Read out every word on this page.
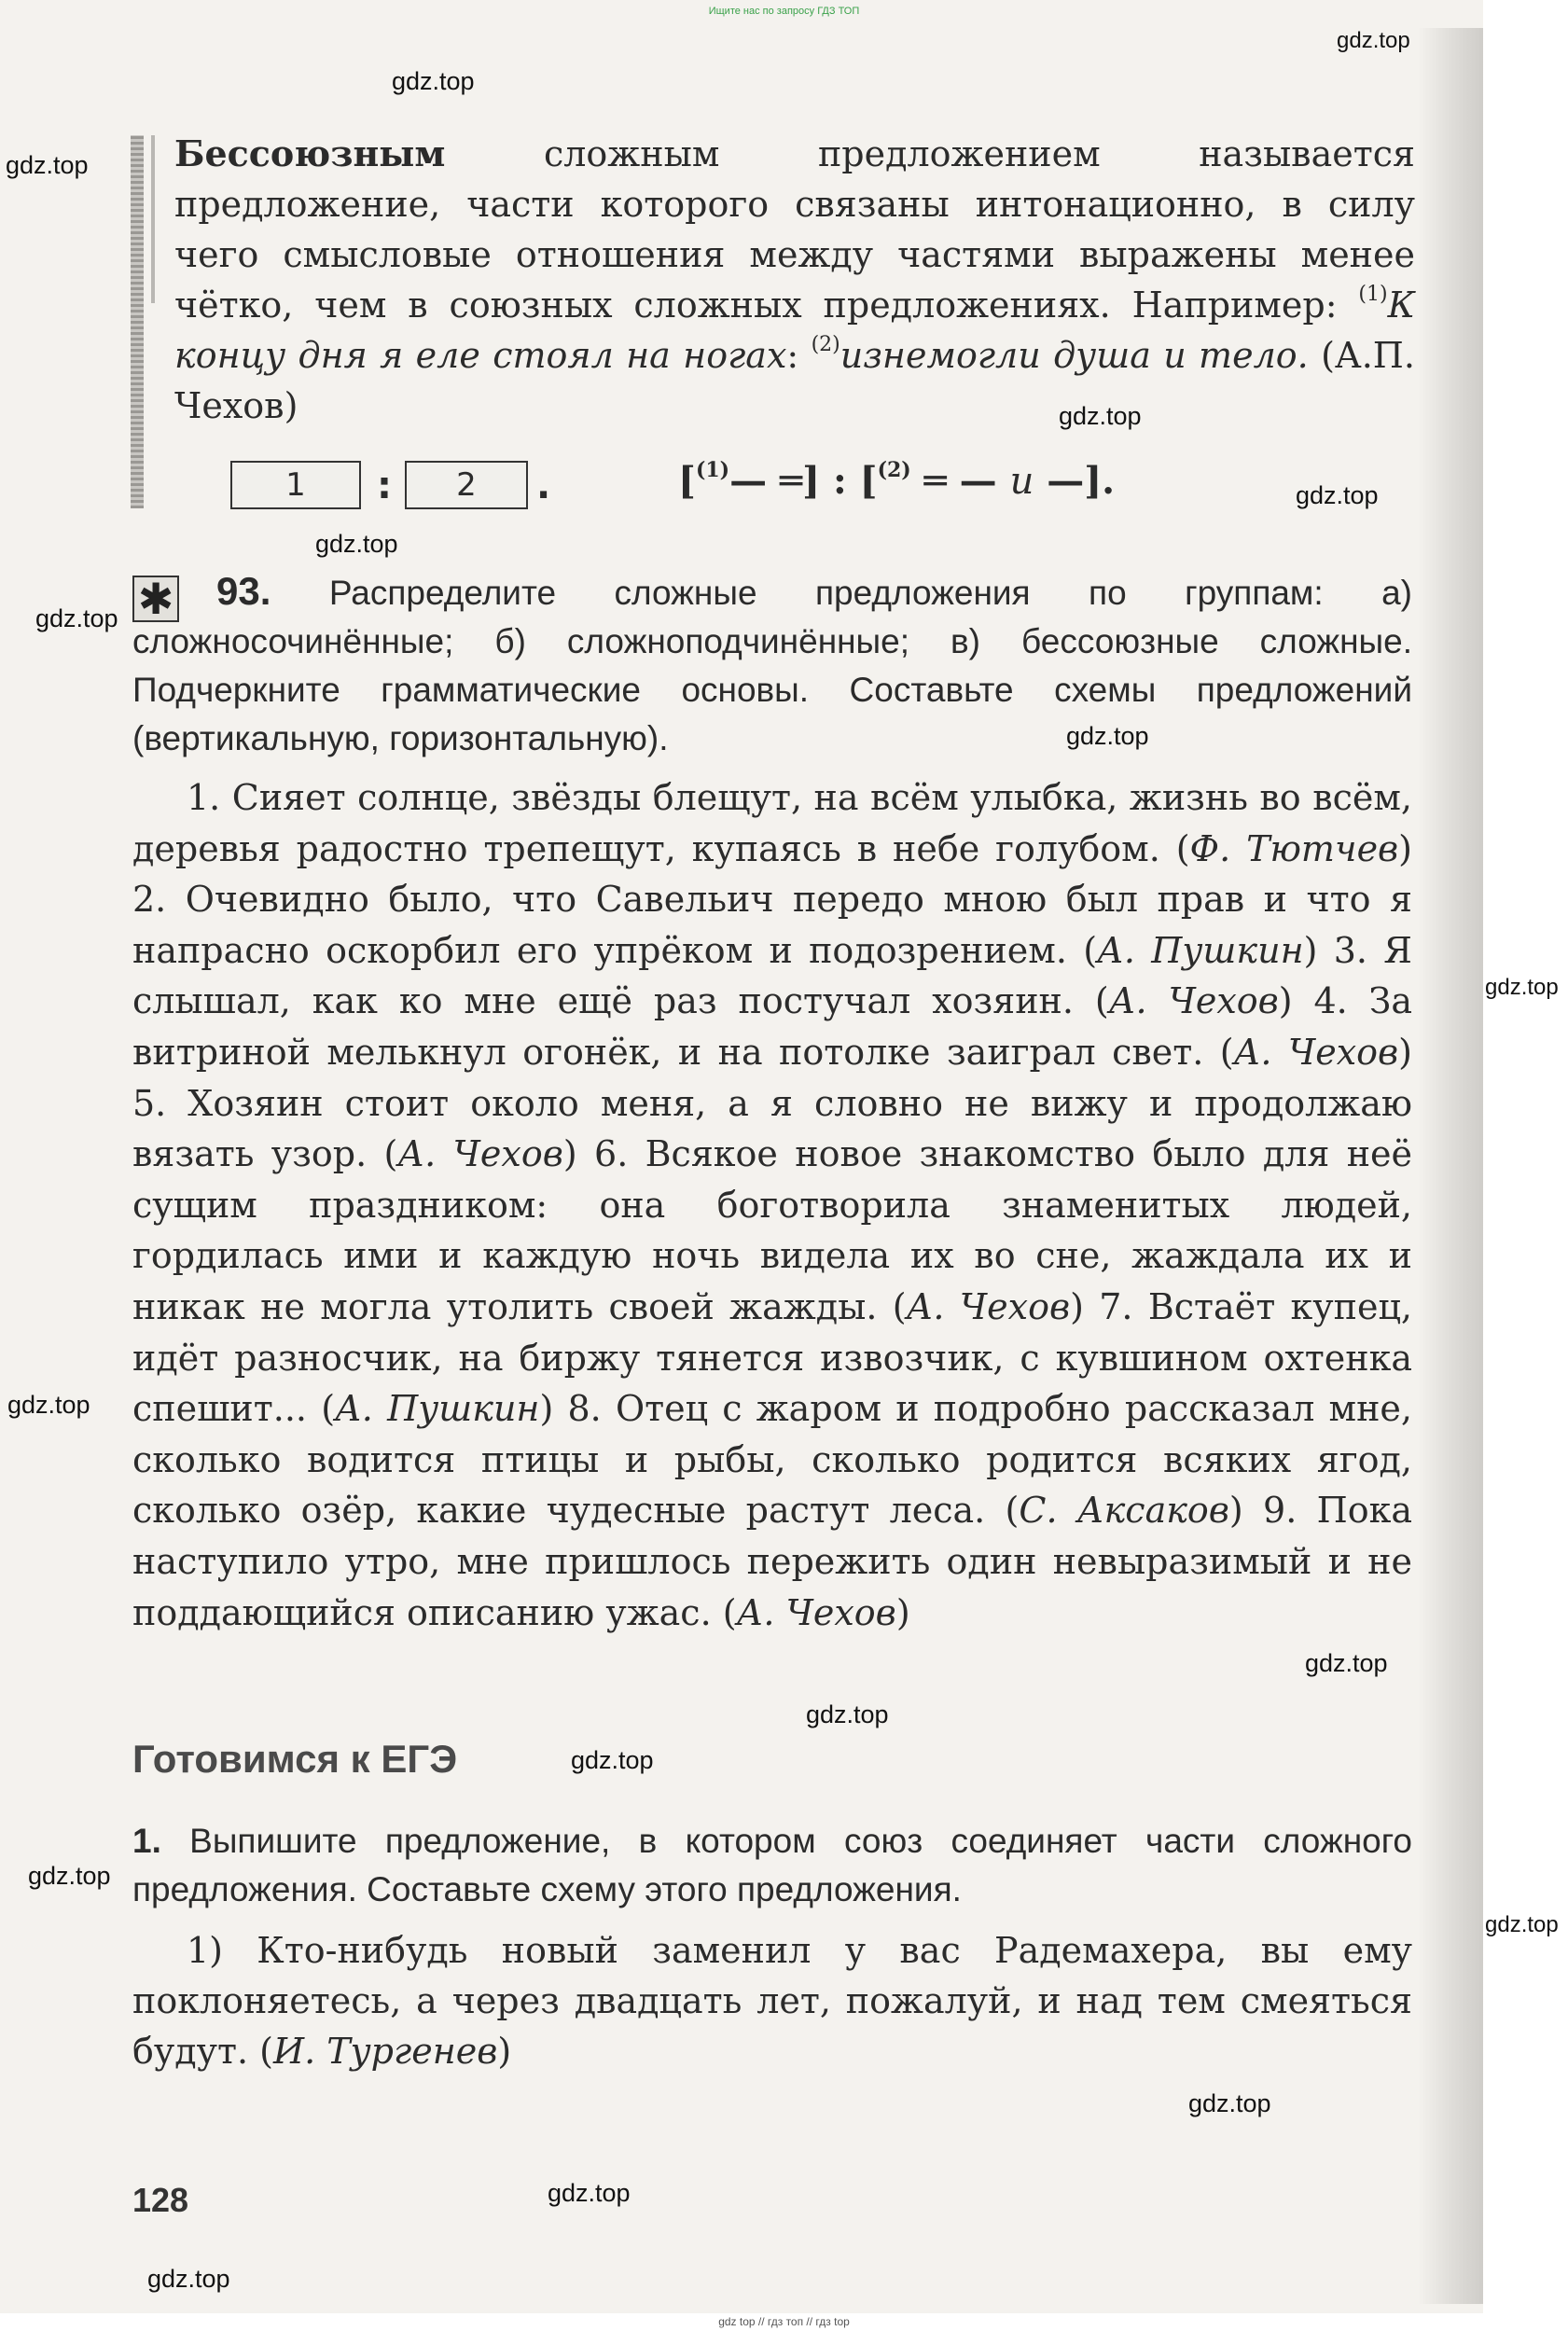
Ищите нас по запросу ГДЗ ТОП
Бессоюзным сложным предложением называется предложение, части которого связаны интонационно, в силу чего смысловые отношения между частями выражены менее чётко, чем в союзных сложных предложениях. Например: $^{(1)}$К концу дня я еле стоял на ногах: $^{(2)}$изнемогли душа и тело. (А.П. Чехов)
1	:	2	.	[$^{(1)}$— ═] : [$^{(2)}$ ═ — и —].
✱	93. Распределите сложные предложения по группам: а) сложносочинённые; б) сложноподчинённые; в) бессоюзные сложные. Подчеркните грамматические основы. Составьте схемы предложений (вертикальную, горизонтальную).

1. Сияет солнце, звёзды блещут, на всём улыбка, жизнь во всём, деревья радостно трепещут, купаясь в небе голубом. (Ф. Тютчев) 2. Очевидно было, что Савельич передо мною был прав и что я напрасно оскорбил его упрёком и подозрением. (А. Пушкин) 3. Я слышал, как ко мне ещё раз постучал хозяин. (А. Чехов) 4. За витриной мелькнул огонёк, и на потолке заиграл свет. (А. Чехов) 5. Хозяин стоит около меня, а я словно не вижу и продолжаю вязать узор. (А. Чехов) 6. Всякое новое знакомство было для неё сущим праздником: она боготворила знаменитых людей, гордилась ими и каждую ночь видела их во сне, жаждала их и никак не могла утолить своей жажды. (А. Чехов) 7. Встаёт купец, идёт разносчик, на биржу тянется извозчик, с кувшином охтенка спешит... (А. Пушкин) 8. Отец с жаром и подробно рассказал мне, сколько водится птицы и рыбы, сколько родится всяких ягод, сколько озёр, какие чудесные растут леса. (С. Аксаков) 9. Пока наступило утро, мне пришлось пережить один невыразимый и не поддающийся описанию ужас. (А. Чехов)

Готовимся к ЕГЭ
1. Выпишите предложение, в котором союз соединяет части сложного предложения. Составьте схему этого предложения.

1) Кто-нибудь новый заменил у вас Радемахера, вы ему поклоняетесь, а через двадцать лет, пожалуй, и над тем смеяться будут. (И. Тургенев)

128
gdz.top
gdz.top
gdz.top
gdz.top
gdz.top
gdz.top
gdz.top
gdz.top
gdz.top
gdz.top
gdz.top
gdz.top
gdz.top
gdz.top
gdz.top
gdz.top
gdz.top
gdz.top
gdz top // гдз топ // гдз top
